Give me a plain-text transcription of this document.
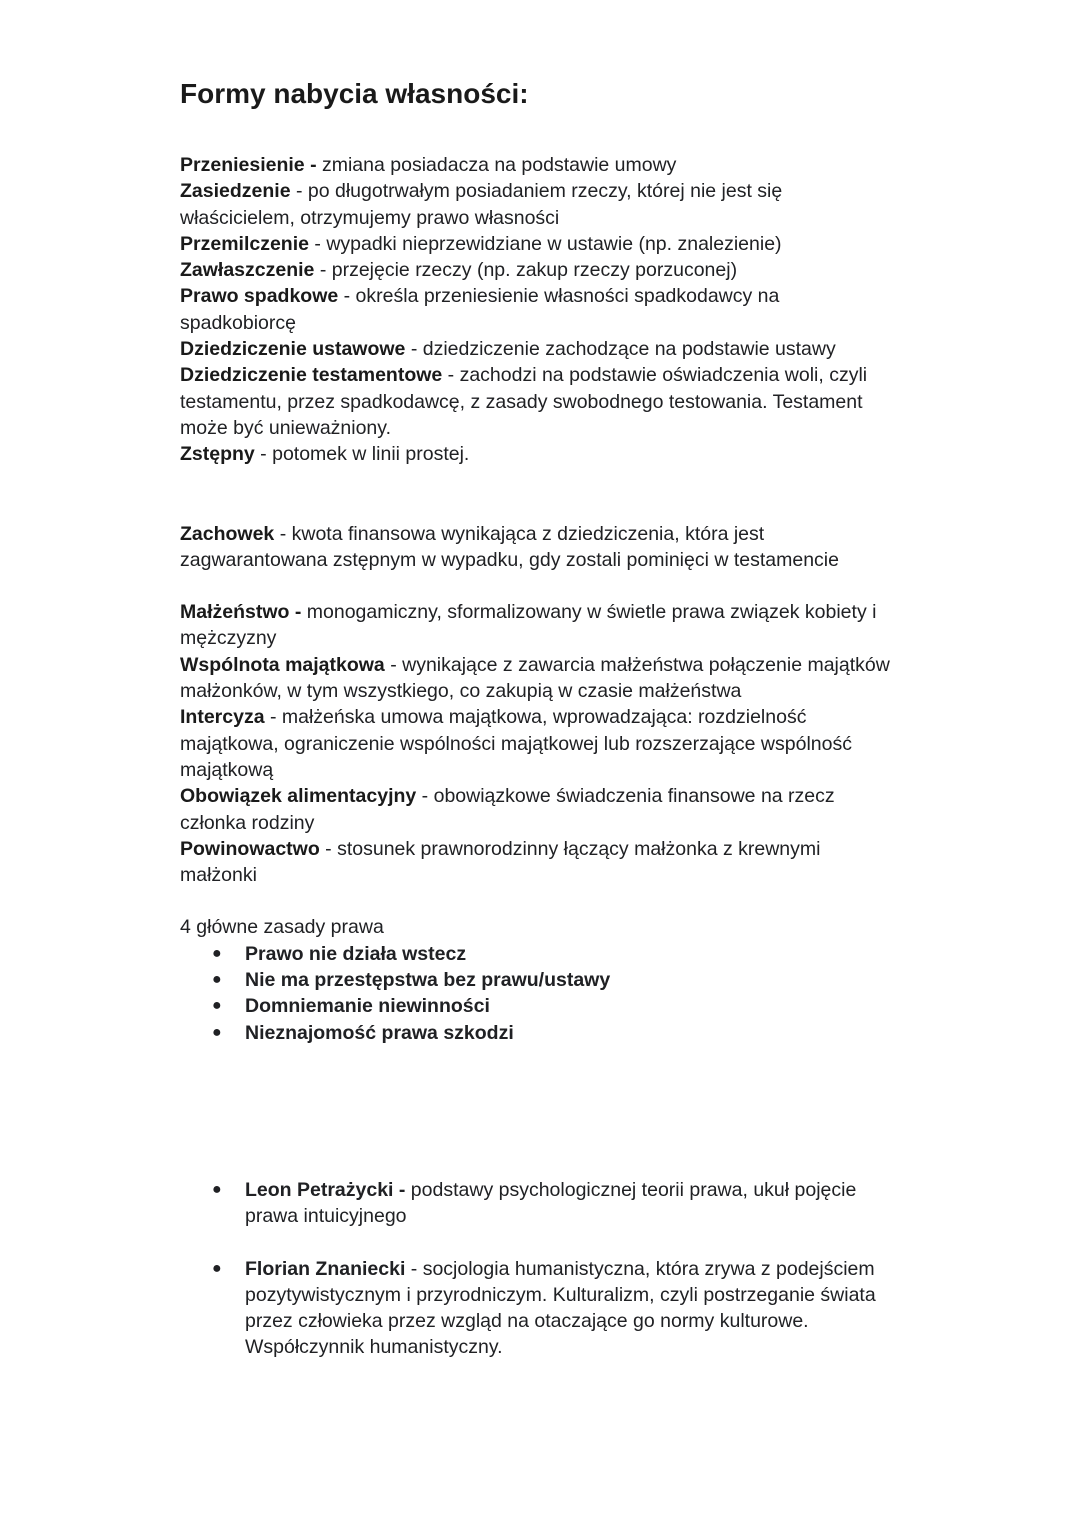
Formy nabycia własności:

Przeniesienie - zmiana posiadacza na podstawie umowy

Zasiedzenie - po długotrwałym posiadaniem rzeczy, której nie jest się właścicielem, otrzymujemy prawo własności

Przemilczenie - wypadki nieprzewidziane w ustawie (np. znalezienie)

Zawłaszczenie - przejęcie rzeczy (np. zakup rzeczy porzuconej)

Prawo spadkowe - określa przeniesienie własności spadkodawcy na spadkobiorcę

Dziedziczenie ustawowe - dziedziczenie zachodzące na podstawie ustawy

Dziedziczenie testamentowe - zachodzi na podstawie oświadczenia woli, czyli testamentu, przez spadkodawcę, z zasady swobodnego testowania. Testament może być unieważniony.

Zstępny - potomek w linii prostej.

Zachowek - kwota finansowa wynikająca z dziedziczenia, która jest zagwarantowana zstępnym w wypadku, gdy zostali pominięci w testamencie

Małżeństwo - monogamiczny, sformalizowany w świetle prawa związek kobiety i mężczyzny

Wspólnota majątkowa - wynikające z zawarcia małżeństwa połączenie majątków małżonków, w tym wszystkiego, co zakupią w czasie małżeństwa

Intercyza - małżeńska umowa majątkowa, wprowadzająca: rozdzielność majątkowa, ograniczenie wspólności majątkowej lub rozszerzające wspólność majątkową

Obowiązek alimentacyjny - obowiązkowe świadczenia finansowe na rzecz członka rodziny

Powinowactwo - stosunek prawnorodzinny łączący małżonka z krewnymi małżonki

4 główne zasady prawa

● Prawo nie działa wstecz
● Nie ma przestępstwa bez prawu/ustawy
● Domniemanie niewinności
● Nieznajomość prawa szkodzi
● Leon Petrażycki - podstawy psychologicznej teorii prawa, ukuł pojęcie prawa intuicyjnego
● Florian Znaniecki - socjologia humanistyczna, która zrywa z podejściem pozytywistycznym i przyrodniczym. Kulturalizm, czyli postrzeganie świata przez człowieka przez wzgląd na otaczające go normy kulturowe. Współczynnik humanistyczny.
